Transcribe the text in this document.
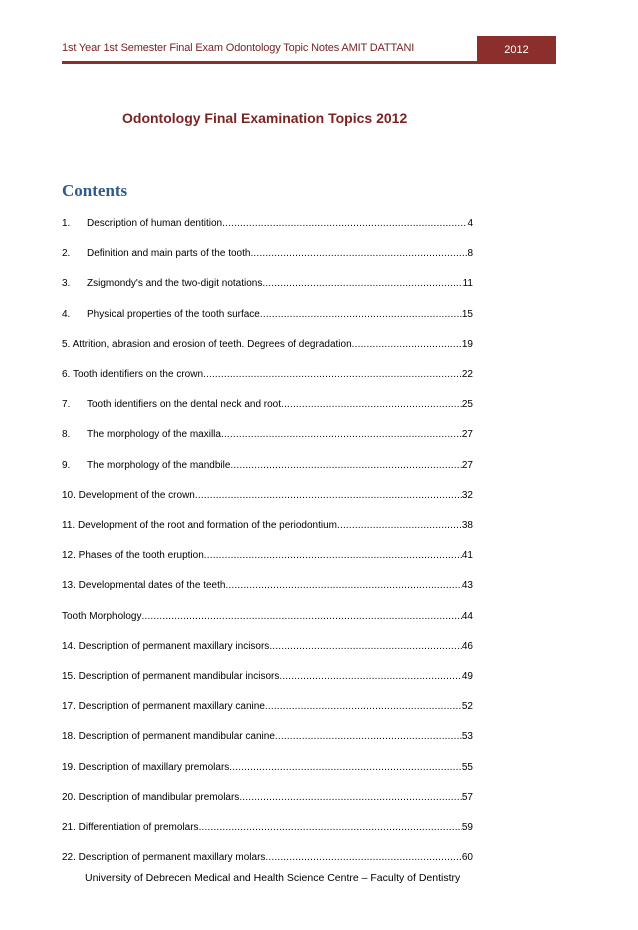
1st Year 1st Semester Final Exam Odontology Topic Notes AMIT DATTANI	2012
Odontology Final Examination Topics 2012
Contents
1.	Description of human dentition .....	4
2.	Definition and main parts of the tooth .....	8
3.	Zsigmondy's and the two-digit notations .....	11
4.	Physical properties of the tooth surface .....	15
5. Attrition, abrasion and erosion of teeth. Degrees of degradation .....	19
6. Tooth identifiers on the crown .....	22
7.	Tooth identifiers on the dental neck and root .....	25
8.	The morphology of the maxilla .....	27
9.	The morphology of the mandbile .....	27
10. Development of the crown .....	32
11. Development of the root and formation of the periodontium .....	38
12. Phases of the tooth eruption .....	41
13. Developmental dates of the teeth .....	43
Tooth Morphology .....	44
14. Description of permanent maxillary incisors .....	46
15. Description of permanent mandibular incisors .....	49
17. Description of permanent maxillary canine .....	52
18. Description of permanent mandibular canine .....	53
19. Description of maxillary premolars .....	55
20. Description of mandibular premolars .....	57
21. Differentiation of premolars .....	59
22. Description of permanent maxillary molars .....	60
University of Debrecen Medical and Health Science Centre – Faculty of Dentistry
